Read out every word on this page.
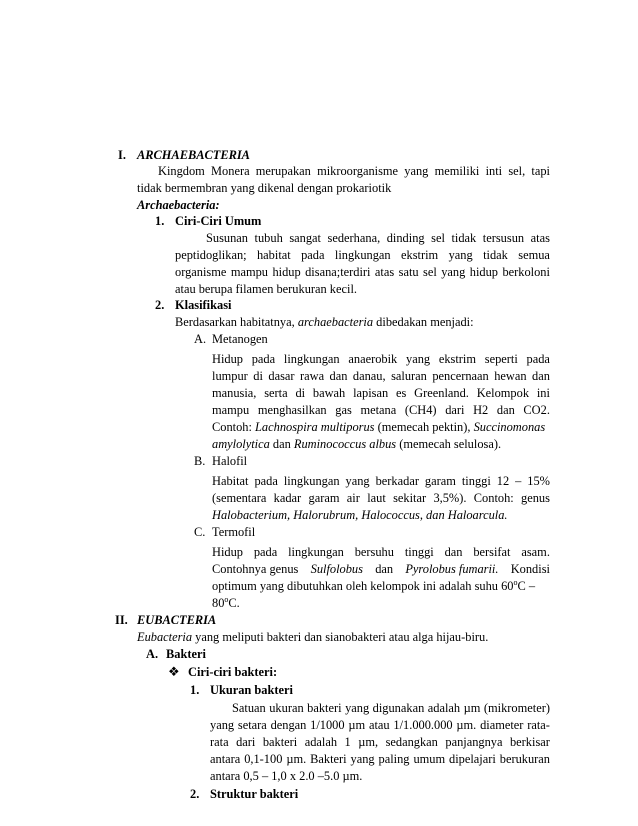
I. ARCHAEBACTERIA
Kingdom Monera merupakan mikroorganisme yang memiliki inti sel, tapi
tidak bermembran yang dikenal dengan prokariotik
Archaebacteria:
1. Ciri-Ciri Umum
Susunan tubuh sangat sederhana, dinding sel tidak tersusun atas
peptidoglikan; habitat pada lingkungan ekstrim yang tidak semua
organisme mampu hidup disana;terdiri atas satu sel yang hidup berkoloni
atau berupa filamen berukuran kecil.
2. Klasifikasi
Berdasarkan habitatnya, archaebacteria dibedakan menjadi:
A. Metanogen
Hidup pada lingkungan anaerobik yang ekstrim seperti pada
lumpur di dasar rawa dan danau, saluran pencernaan hewan dan
manusia, serta di bawah lapisan es Greenland. Kelompok ini
mampu menghasilkan gas metana (CH4) dari H2 dan CO2.
Contoh: Lachnospira multiporus (memecah pektin), Succinomonas
amylolytica dan Ruminococcus albus (memecah selulosa).
B. Halofil
Habitat pada lingkungan yang berkadar garam tinggi 12 – 15%
(sementara kadar garam air laut sekitar 3,5%). Contoh: genus
Halobacterium, Halorubrum, Halococcus, dan Haloarcula.
C. Termofil
Hidup pada lingkungan bersuhu tinggi dan bersifat asam.
Contohnya genus Sulfolobus dan Pyrolobus fumarii. Kondisi
optimum yang dibutuhkan oleh kelompok ini adalah suhu 60$^o$C –
80$^o$C.
II. EUBACTERIA
Eubacteria yang meliputi bakteri dan sianobakteri atau alga hijau-biru.
A. Bakteri
❖ Ciri-ciri bakteri:
1. Ukuran bakteri
Satuan ukuran bakteri yang digunakan adalah µm (mikrometer)
yang setara dengan 1/1000 µm atau 1/1.000.000 µm. diameter rata-
rata dari bakteri adalah 1 µm, sedangkan panjangnya berkisar
antara 0,1-100 µm. Bakteri yang paling umum dipelajari berukuran
antara 0,5 – 1,0 x 2.0 –5.0 µm.
2. Struktur bakteri
